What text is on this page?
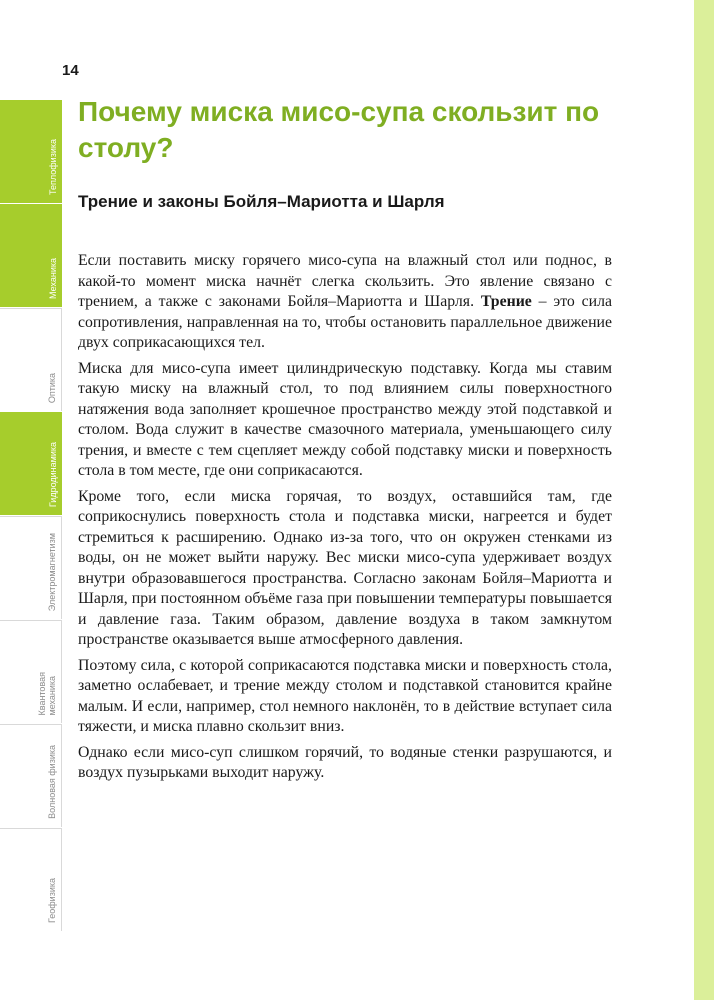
14
Теплофизика
Механика
Оптика
Гидродинамика
Электромагнетизм
Квантовая
механика
Волновая физика
Геофизика
Почему миска мисо-супа скользит по столу?
Трение и законы Бойля–Мариотта и Шарля

Если поставить миску горячего мисо-супа на влажный стол или поднос, в какой-то момент миска начнёт слегка скользить. Это явление связано с трением, а также с законами Бойля–Мариотта и Шарля. Трение – это сила сопротивления, направленная на то, чтобы остановить параллельное движение двух соприкасающихся тел.

Миска для мисо-супа имеет цилиндрическую подставку. Когда мы ставим такую миску на влажный стол, то под влиянием силы поверхностного натяжения вода заполняет крошечное пространство между этой подставкой и столом. Вода служит в качестве смазочного материала, уменьшающего силу трения, и вместе с тем сцепляет между собой подставку миски и поверхность стола в том месте, где они соприкасаются.

Кроме того, если миска горячая, то воздух, оставшийся там, где соприкоснулись поверхность стола и подставка миски, нагреется и будет стремиться к расширению. Однако из-за того, что он окружен стенками из воды, он не может выйти наружу. Вес миски мисо-супа удерживает воздух внутри образовавшегося пространства. Согласно законам Бойля–Мариотта и Шарля, при постоянном объёме газа при повышении температуры повышается и давление газа. Таким образом, давление воздуха в таком замкнутом пространстве оказывается выше атмосферного давления.

Поэтому сила, с которой соприкасаются подставка миски и поверхность стола, заметно ослабевает, и трение между столом и подставкой становится крайне малым. И если, например, стол немного наклонён, то в действие вступает сила тяжести, и миска плавно скользит вниз.

Однако если мисо-суп слишком горячий, то водяные стенки разрушаются, и воздух пузырьками выходит наружу.
